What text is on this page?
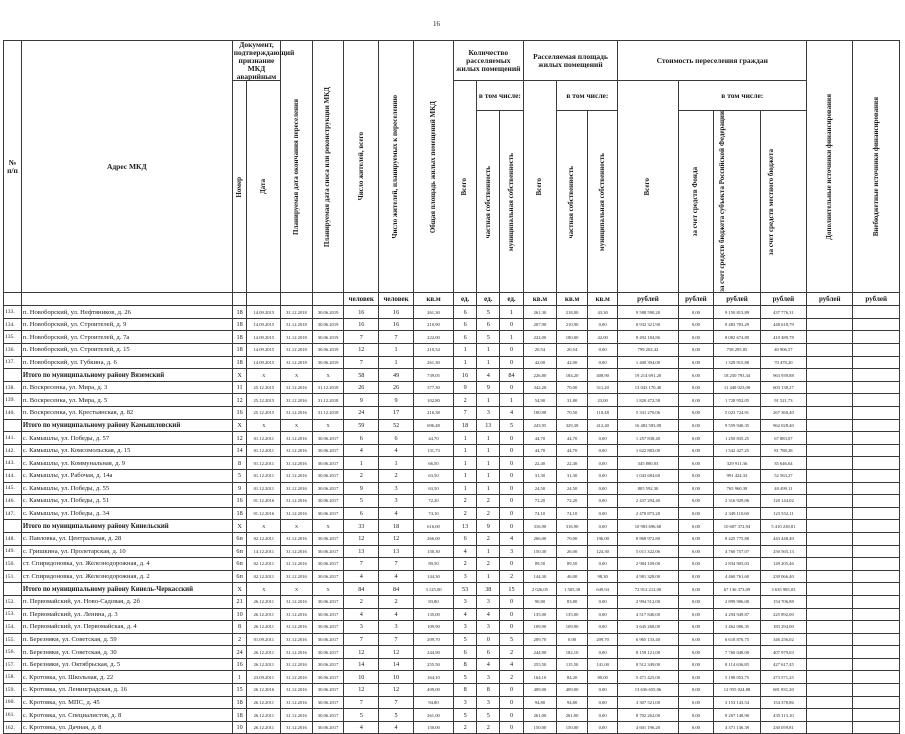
16
№ п/п	Адрес МКД	Документ, подтверждающий признание МКД аварийным		Планируемая дата окончания переселения	Планируемая дата сноса или реконструкции МКД	Число жителей, всего	Число жителей, планируемых к переселению	Общая площадь жилых помещений МКД	Количество расселяемых жилых помещений			Расселяемая площадь жилых помещений			Стоимость переселения граждан				Дополнительные источники финансирования	Внебюджетные источники финансирования

		Номер	Дата						Всего	в том числе:		Всего	в том числе:		Всего	в том числе:				

										частная собственность	муниципальная собственность		частная собственность	муниципальная собственность		за счет средств Фонда	за счет средств бюджета субъекта Российской Федерации	за счет средств местного бюджета		

						человек	человек	кв.м	ед.	ед.	ед.	кв.м	кв.м	кв.м	рублей	рублей	рублей	рублей	рублей	рублей
133.	п. Новоборский, ул. Нефтяников, д. 26	18	14.09.2015	31.12.2018	30.06.2019	16	16	261,30	6	5	1	261,30	218,00	43,30	9 588 590,20	0,00	9 150 813,89	437 776,31		
134.	п. Новоборский, ул. Строителей, д. 9	18	14.09.2015	31.12.2018	30.06.2019	16	16	210,90	6	6	0	207,90	210,90	0,00	8 932 321,90	0,00	8 483 703,29	448 618,79		
135.	п. Новоборский, ул. Строителей, д. 7а	18	14.09.2015	31.12.2018	30.06.2019	7	7	222,00	6	5	1	222,00	180,00	42,00	8 492 184,86	0,00	8 082 674,80	410 489,78		
136.	п. Новоборский, ул. Строителей, д. 15	18	14.09.2015	31.12.2018	30.06.2019	12	1	210,54	1	1	0	20,54	20,54	0,00	799 202,42	0,00	758 295,85	40 906,57		
137.	п. Новоборский, ул. Губкина, д. 6	18	14.09.2015	31.12.2018	30.06.2019	7	1	261,30	1	1	0	42,00	42,00	0,00	1 400 394,00	0,00	1 329 915,80	70 478,20		
	Итого по муниципальному району Вяземский	X	X	X	X	58	49	739,05	16	4	84	226,80	184,20	408,90	19 214 691,20	0,00	18 250 793,34	963 939,88		
138.	п. Воскресенка, ул. Мира, д. 3	11	25.12.2015	31.12.2016	31.12.2018	26	26	377,30	9	9	0	342,20	70,00	311,20	13 043 170,40	0,00	11 440 023,08	603 138,27		
139.	п. Воскресенка, ул. Мира, д. 5	12	25.12.2015	31.12.2016	31.12.2018	9	9	102,80	2	1	1	54,90	31,80	23,00	1 820 472,58	0,00	1 728 952,05	91 521,73		
140.	п. Воскресенка, ул. Крестьянская, д. 82	16	25.12.2015	31.12.2016	31.12.2018	24	17	216,38	7	3	4	180,98	70,50	110,48	5 331 270,06	0,00	5 023 724,91	267 369,40		
	Итого по муниципальному району Камышловский	X	X	X	X	59	52	696,48	18	13	5	243,95	329,38	412,40	16 482 583,08	0,00	9 559 940,35	962 028,40		
141.	с. Камышлы, ул. Победы, д. 57	12	01.12.2011	31.12.2016	30.06.2017	6	6	44,70	1	1	0	44,70	44,70	0,00	1 257 838,40	0,00	1 250 835,25	67 883,07		
142.	с. Камышлы, ул. Комсомольская, д. 15	14	01.12.2011	31.12.2016	30.06.2017	4	4	131,73	1	1	0	44,70	44,70	0,00	1 622 883,00	0,00	1 542 427,25	81 788,28		
143.	с. Камышлы, ул. Коммунальная, д. 9	8	01.12.2011	31.12.2016	30.06.2017	1	1	66,50	1	1	0	22,40	22,40	0,00	345 880,03	0,00	329 911,36	35 646,64		
144.	с. Камышлы, ул. Рабочая, д. 14а	5	01.12.2011	31.12.2016	30.06.2017	2	2	63,50	1	1	0	31,30	31,30	0,00	1 043 684,60	0,00	991 424,33	52 563,27		
145.	с. Камышлы, ул. Победы, д. 55	9	01.12.2011	31.12.2016	30.06.2017	9	3	63,50	1	1	0	24,50	24,50	0,00	805 592,30	0,00	765 960,39	40 499,11		
146.	с. Камышлы, ул. Победы, д. 51	16	01.12.2016	31.12.2016	30.06.2017	5	3	72,20	2	2	0	72,20	72,20	0,00	2 437 294,40	0,00	2 316 929,06	120 144,02		
147.	с. Камышлы, ул. Победы, д. 34	18	01.12.2016	31.12.2016	30.06.2017	6	4	74,10	2	2	0	74,10	74,10	0,00	2 470 873,20	0,00	2 349 110,60	123 552,11		
	Итого по муниципальному району Кинельский	X	X	X	X	33	18	616,00	13	9	0	316,90	316,90	0,00	10 983 696,68	0,00	10 687 372,94	5 410 238,81		
148.	с. Павловка, ул. Центральная, д. 28	6п	02.12.2011	31.12.2016	30.06.2017	12	12	266,00	6	2	4	266,00	70,00	196,00	8 868 972,80	0,00	8 425 775,80	443 448,40		
149.	с. Гришкина, ул. Пролетарская, д. 10	6п	14.12.2011	31.12.2016	30.06.2017	13	13	150,30	4	1	3	150,30	26,00	124,30	5 011 322,06	0,00	4 760 757,07	250 565,13		
150.	ст. Спиридоновка, ул. Железнодорожная, д. 4	6п	02.12.2011	31.12.2016	30.06.2017	7	7	89,50	2	2	0	89,50	89,50	0,00	2 984 109,00	0,00	2 834 903,03	149 205,46		
151.	ст. Спиридоновка, ул. Железнодорожная, д. 2	6п	02.12.2011	31.12.2016	30.06.2017	4	4	144,30	3	1	2	144,30	46,00	98,30	4 981 328,00	0,00	4 460 761,60	239 066,40		
	Итого по муниципальному району Кинель-Черкасский	X	X	X	X	84	84	3 125,00	53	38	15	2 026,05	1 505,38	649,94	72 912 212,00	0,00	67 136 373,09	3 635 985,03		
152.	п. Первомайский, ул. Ново-Садовая, д. 2б	21	26.12.2011	31.12.2016	30.06.2017	2	2	83,80	3	3	0	90,80	83,80	0,00	2 994 512,00	0,00	2 899 906,00	154 706,88		
153.	п. Первомайский, ул. Ленина, д. 3	10	26.12.2011	31.12.2016	30.06.2017	4	4	135,00	4	4	0	135,00	135,00	0,00	4 517 840,00	0,00	4 294 949,87	225 892,00		
154.	п. Первомайский, ул. Первомайская, д. 4	8	26.12.2011	31.12.2016	30.06.2017	3	3	109,90	3	3	0	109,90	109,90	0,00	3 645 268,00	0,00	3 462 006,35	183 294,00		
155.	п. Березняки, ул. Советская, д. 59	2	01.09.2011	31.12.2016	30.06.2017	7	7	209,70	5	0	5	209,70	0,00	209,70	6 965 133,40	0,00	6 618 876,75	346 256,02		
156.	п. Березняки, ул. Советская, д. 30	24	26.12.2011	31.12.2016	30.06.2017	12	12	244,90	6	6	2	244,90	182,10	0,00	8 159 121,00	0,00	7 760 048,00	407 979,03		
157.	п. Березняки, ул. Октябрьская, д. 5	16	26.12.2011	31.12.2016	30.06.2017	14	14	255,50	8	4	4	255,50	115,50	141,00	8 512 349,00	0,00	8 114 636,85	427 617,45		
158.	с. Кротовка, ул. Школьная, д. 22	1	23.09.2011	31.12.2016	30.06.2017	10	10	164,10	5	3	2	164,10	84,20	80,00	5 471 425,00	0,00	5 198 053,75	273 571,25		
159.	с. Кротовка, ул. Ленинградская, д. 16	15	26.12.2016	31.12.2016	30.06.2017	12	12	409,00	8	8	0	409,00	409,00	0,00	13 636 655,06	0,00	12 955 024,88	681 831,20		
160.	с. Кротовка, ул. МПС, д. 45	18	26.12.2011	31.12.2016	30.06.2017	7	7	94,80	3	3	0	94,80	94,80	0,00	3 307 521,00	0,00	3 153 143,54	154 378,86		
161.	с. Кротовка, ул. Специалистов, д. 8	18	26.12.2011	31.12.2016	30.06.2017	5	5	261,00	5	5	0	261,00	261,00	0,00	8 702 262,00	0,00	8 267 148,90	435 113,10		
162.	с. Кротовка, ул. Дачная, д. 8	10	26.12.2011	31.12.2016	30.06.2017	4	4	150,00	2	2	0	150,00	150,00	0,00	4 601 196,20	0,00	4 371 136,39	230 059,81		
